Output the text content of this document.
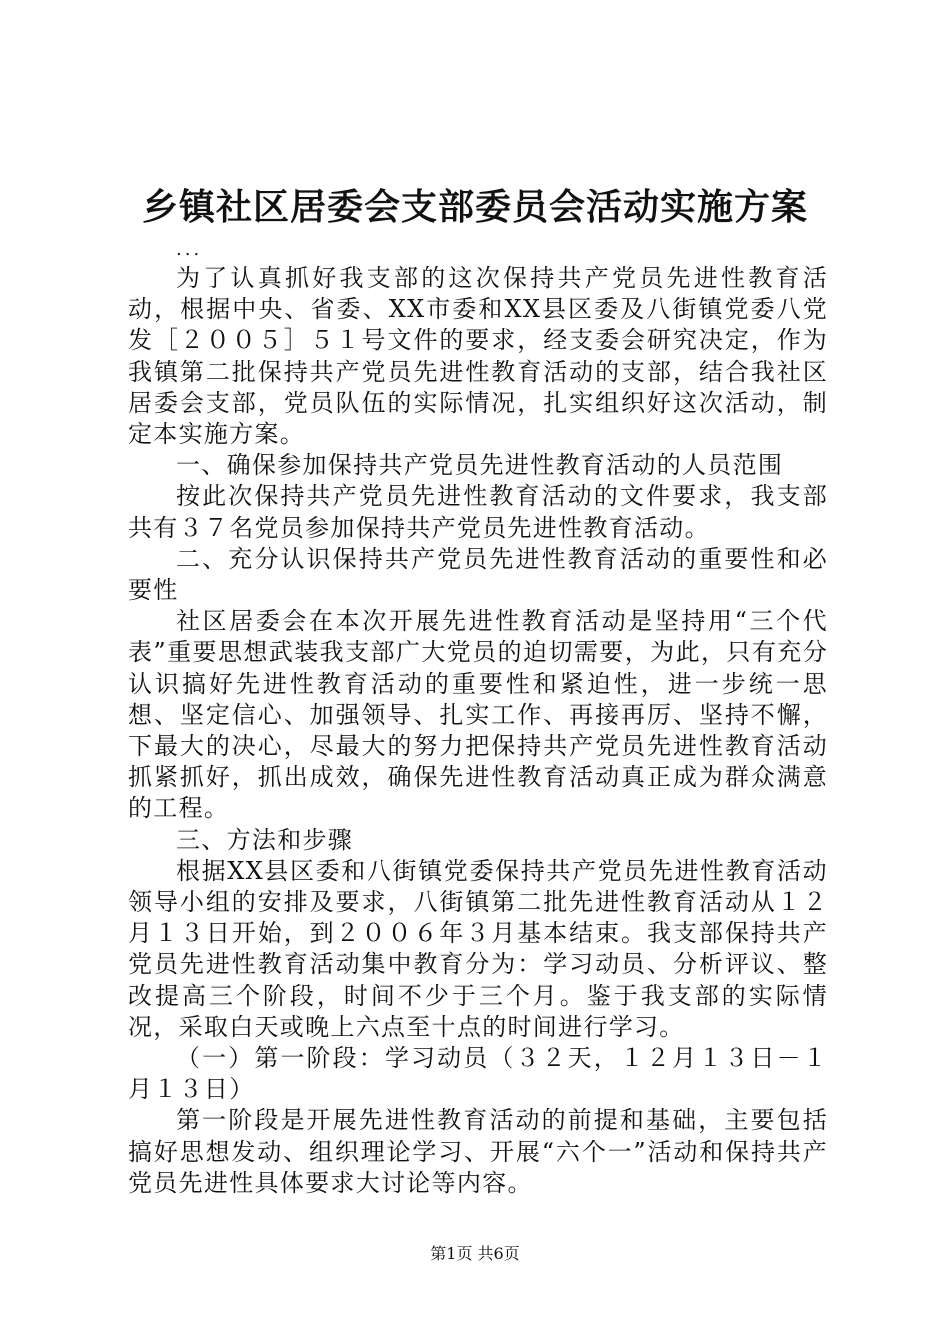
乡镇社区居委会支部委员会活动实施方案

...

为了认真抓好我支部的这次保持共产党员先进性教育活动，根据中央、省委、XX市委和XX县区委及八街镇党委八党发［２００５］５１号文件的要求，经支委会研究决定，作为我镇第二批保持共产党员先进性教育活动的支部，结合我社区居委会支部，党员队伍的实际情况，扎实组织好这次活动，制定本实施方案。

一、确保参加保持共产党员先进性教育活动的人员范围

按此次保持共产党员先进性教育活动的文件要求，我支部共有３７名党员参加保持共产党员先进性教育活动。

二、充分认识保持共产党员先进性教育活动的重要性和必要性

社区居委会在本次开展先进性教育活动是坚持用“三个代表”重要思想武装我支部广大党员的迫切需要，为此，只有充分认识搞好先进性教育活动的重要性和紧迫性，进一步统一思想、坚定信心、加强领导、扎实工作、再接再厉、坚持不懈，下最大的决心，尽最大的努力把保持共产党员先进性教育活动抓紧抓好，抓出成效，确保先进性教育活动真正成为群众满意的工程。

三、方法和步骤

根据XX县区委和八街镇党委保持共产党员先进性教育活动领导小组的安排及要求，八街镇第二批先进性教育活动从１２月１３日开始，到２００６年３月基本结束。我支部保持共产党员先进性教育活动集中教育分为：学习动员、分析评议、整改提高三个阶段，时间不少于三个月。鉴于我支部的实际情况，采取白天或晚上六点至十点的时间进行学习。

（一）第一阶段：学习动员（３２天，１２月１３日－１月１３日）

第一阶段是开展先进性教育活动的前提和基础，主要包括搞好思想发动、组织理论学习、开展“六个一”活动和保持共产党员先进性具体要求大讨论等内容。

第1页 共6页
